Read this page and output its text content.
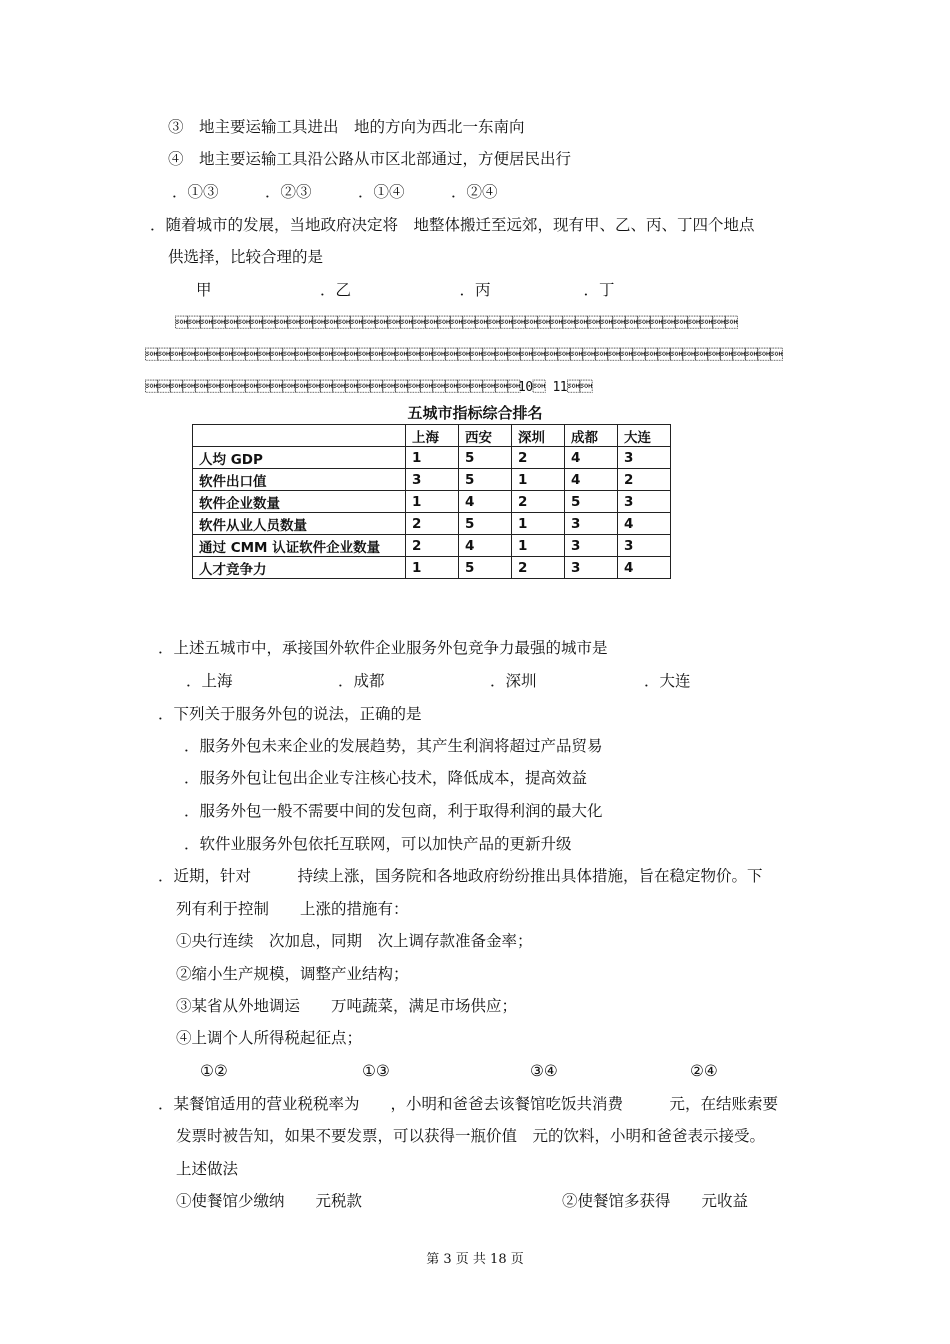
③　地主要运输工具进出　地的方向为西北一东南向
④　地主要运输工具沿公路从市区北部通过，方便居民出行
．①③　　　．②③　　　．①④　　　．②④
．随着城市的发展，当地政府决定将　地整体搬迁至远郊，现有甲、乙、丙、丁四个地点
供选择，比较合理的是
甲　　　　　　　．乙　　　　　　　．丙　　　　　　．丁



10 11
五城市指标综合排名
	上海	西安	深圳	成都	大连
人均 GDP	1	5	2	4	3
软件出口值	3	5	1	4	2
软件企业数量	1	4	2	5	3
软件从业人员数量	2	5	1	3	4
通过 CMM 认证软件企业数量	2	4	1	3	3
人才竞争力	1	5	2	3	4
．上述五城市中，承接国外软件企业服务外包竞争力最强的城市是
．上海	．成都	．深圳	．大连
．下列关于服务外包的说法，正确的是
．服务外包未来企业的发展趋势，其产生利润将超过产品贸易
．服务外包让包出企业专注核心技术，降低成本，提高效益
．服务外包一般不需要中间的发包商，利于取得利润的最大化
．软件业服务外包依托互联网，可以加快产品的更新升级
．近期，针对　　　持续上涨，国务院和各地政府纷纷推出具体措施，旨在稳定物价。下
列有利于控制　　上涨的措施有：
①央行连续　次加息，同期　次上调存款准备金率；
②缩小生产规模，调整产业结构；
③某省从外地调运　　万吨蔬菜，满足市场供应；
④上调个人所得税起征点；
①②	①③	③④	②④
．某餐馆适用的营业税税率为　　，小明和爸爸去该餐馆吃饭共消费　　　元，在结账索要
发票时被告知，如果不要发票，可以获得一瓶价值　元的饮料，小明和爸爸表示接受。
上述做法
①使餐馆少缴纳　　元税款	②使餐馆多获得　　元收益
第 3 页 共 18 页
